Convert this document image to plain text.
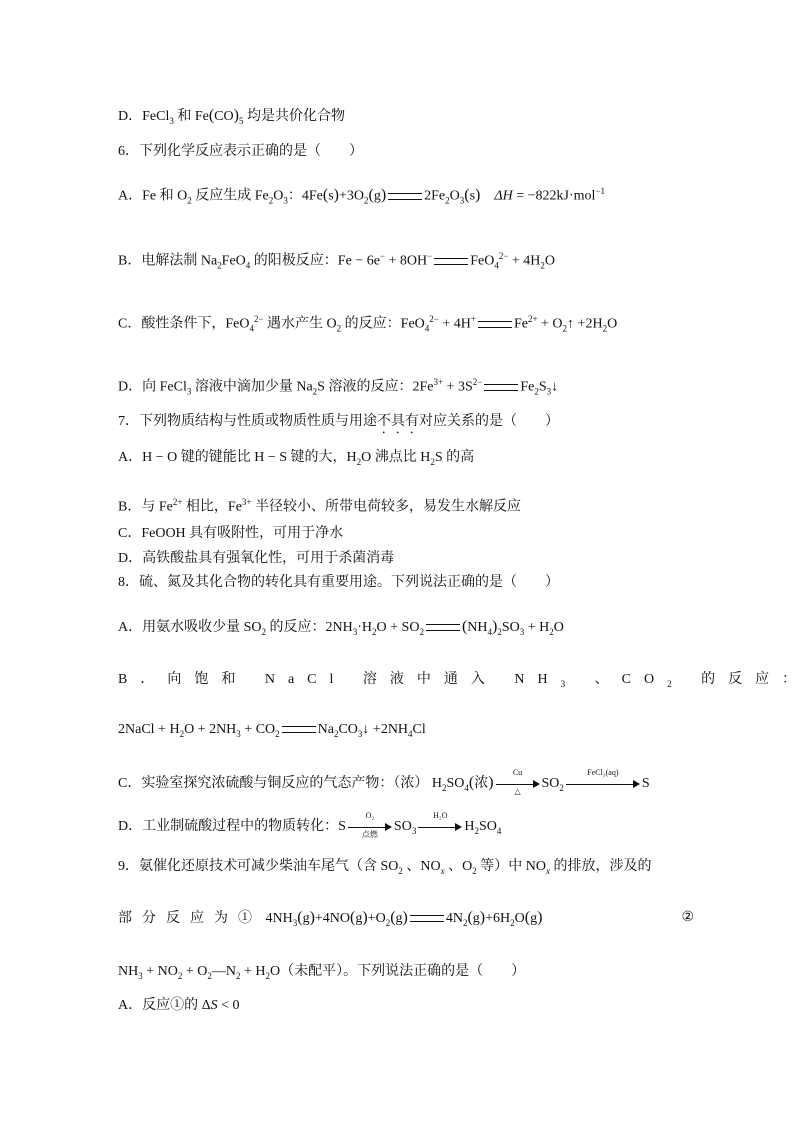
D．FeCl$_3$ 和 $Fe(CO)_5$ 均是共价化合物
6．下列化学反应表示正确的是（　　）
A．Fe 和 $O_2$ 反应生成 $Fe_2O_3$：$4Fe(s)+3O_2(g)$	$2Fe_2O_3(s)$　 ΔH = −822kJ·mol$^{-1}$
B．电解法制 $Na_2FeO_4$ 的阳极反应：Fe − 6e− + 8OH−	$FeO_4^{2-} + 4H_2O$
C．酸性条件下，FeO$_4^{2-}$ 遇水产生 $O_2$ 的反应：FeO$_4^{2-}$ + 4H+	$Fe^{2+}$ + $O_2↑ +2H_2O$
D．向 FeCl$_3$ 溶液中滴加少量 $Na_2S$ 溶液的反应：$2Fe^{3+} + 3S^{2-}$	$Fe_2S_3↓$
7．下列物质结构与性质或物质性质与用途不具有对应关系的是（　　）
A．H − O 键的键能比 H − S 键的大，$H_2O$ 沸点比 $H_2S$ 的高
B．与 $Fe^{2+}$ 相比，$Fe^{3+}$ 半径较小、所带电荷较多，易发生水解反应
C．FeOOH 具有吸附性，可用于净水
D．高铁酸盐具有强氧化性，可用于杀菌消毒
8．硫、氮及其化合物的转化具有重要用途。下列说法正确的是（　　）
A．用氨水吸收少量 $SO_2$ 的反应：$2NH_3\cdot H_2O + SO_2$ $(NH_4)_2SO_3 + H_2O$
B．向饱和 NaCl 溶液中通入 $NH_3$ 、$CO_2$ 的反应：
2NaCl + $H_2O + 2NH_3 + CO_2$	$Na_2CO_3↓ +2NH_4Cl$
C．实验室探究浓硫酸与铜反应的气态产物：（浓） $H_2SO_4$(浓)
Cu
△
$SO_2$
FeCl₃(aq)
S
D．工业制硫酸过程中的物质转化：S
O₂
点燃
$SO_3$
H₂O
$H_2SO_4$
9．氨催化还原技术可减少柴油车尾气（含 $SO_2$ 、$NO_x$ 、$O_2$ 等）中 $NO_x$ 的排放，涉及的
部分反应为① $4NH_3(g)+4NO(g)+O_2(g)$	$4N_2(g)+6H_2O(g)$	②
$NH_3 + NO_2$ + $O_2—N_2 + H_2O$（未配平）。下列说法正确的是（　　）
A．反应①的 ΔS < 0
